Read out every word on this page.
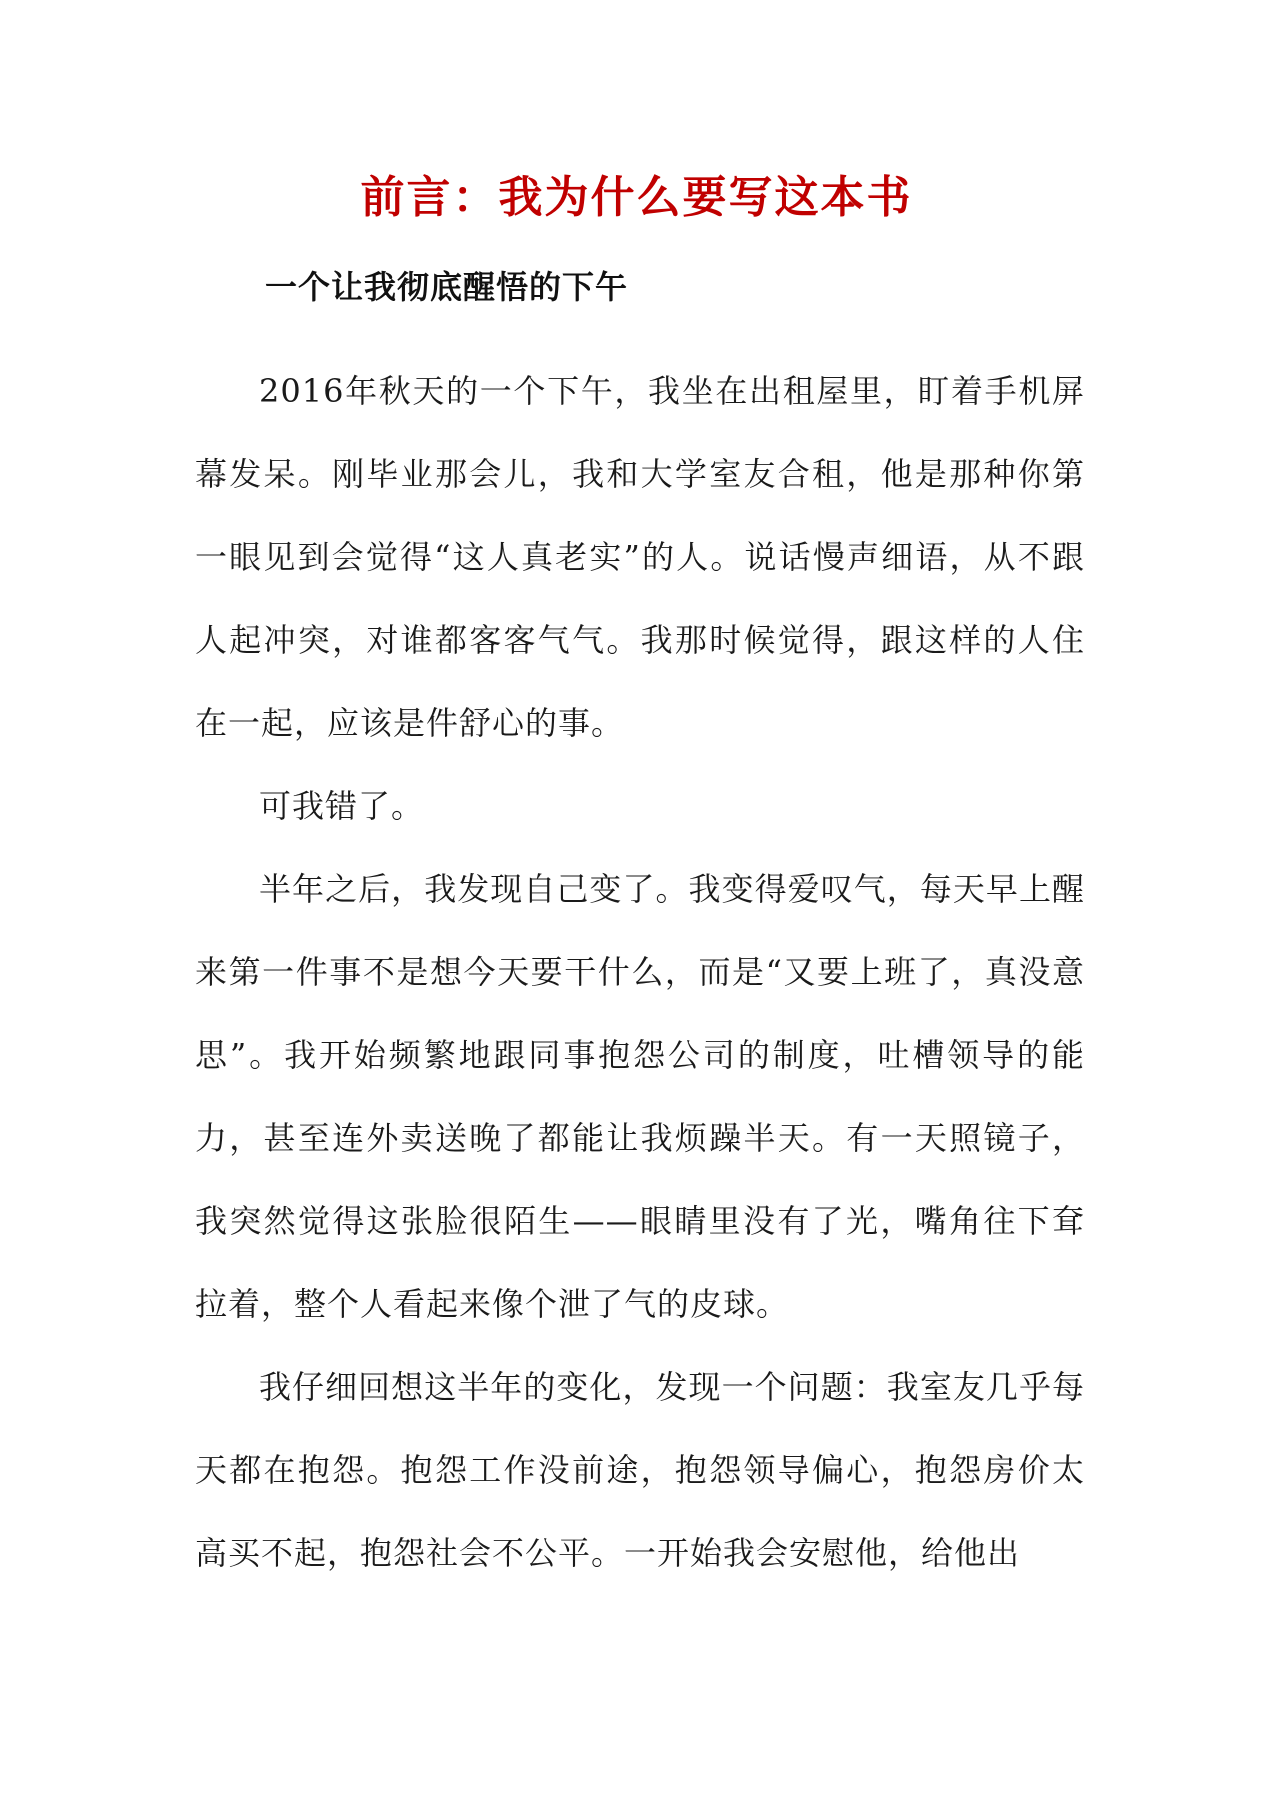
前言：我为什么要写这本书
一个让我彻底醒悟的下午

2016年秋天的一个下午，我坐在出租屋里，盯着手机屏幕发呆。刚毕业那会儿，我和大学室友合租，他是那种你第一眼见到会觉得“这人真老实”的人。说话慢声细语，从不跟人起冲突，对谁都客客气气。我那时候觉得，跟这样的人住在一起，应该是件舒心的事。

可我错了。

半年之后，我发现自己变了。我变得爱叹气，每天早上醒来第一件事不是想今天要干什么，而是“又要上班了，真没意思”。我开始频繁地跟同事抱怨公司的制度，吐槽领导的能力，甚至连外卖送晚了都能让我烦躁半天。有一天照镜子，我突然觉得这张脸很陌生——眼睛里没有了光，嘴角往下耷拉着，整个人看起来像个泄了气的皮球。

我仔细回想这半年的变化，发现一个问题：我室友几乎每天都在抱怨。抱怨工作没前途，抱怨领导偏心，抱怨房价太高买不起，抱怨社会不公平。一开始我会安慰他，给他出
